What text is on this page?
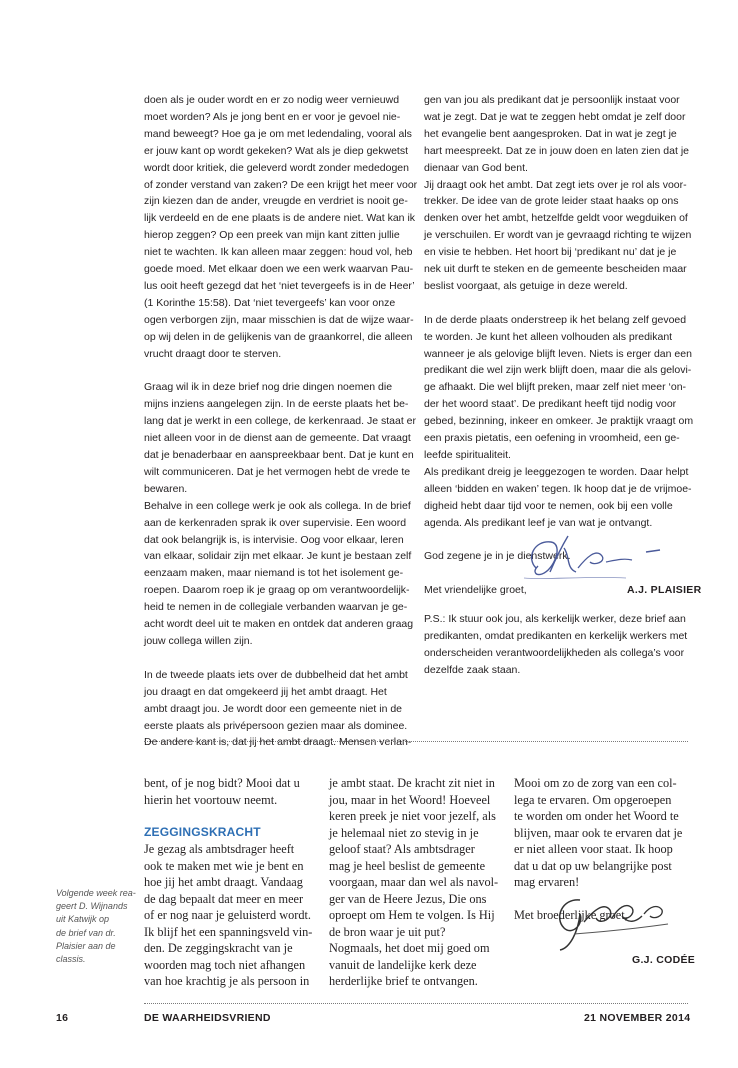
doen als je ouder wordt en er zo nodig weer vernieuwd
moet worden? Als je jong bent en er voor je gevoel nie-
mand beweegt? Hoe ga je om met ledendaling, vooral als
er jouw kant op wordt gekeken? Wat als je diep gekwetst
wordt door kritiek, die geleverd wordt zonder mededogen
of zonder verstand van zaken? De een krijgt het meer voor
zijn kiezen dan de ander, vreugde en verdriet is nooit ge-
lijk verdeeld en de ene plaats is de andere niet. Wat kan ik
hierop zeggen? Op een preek van mijn kant zitten jullie
niet te wachten. Ik kan alleen maar zeggen: houd vol, heb
goede moed. Met elkaar doen we een werk waarvan Pau-
lus ooit heeft gezegd dat het ‘niet tevergeefs is in de Heer’
(1 Korinthe 15:58). Dat ‘niet tevergeefs’ kan voor onze
ogen verborgen zijn, maar misschien is dat de wijze waar-
op wij delen in de gelijkenis van de graankorrel, die alleen
vrucht draagt door te sterven.

Graag wil ik in deze brief nog drie dingen noemen die
mijns inziens aangelegen zijn. In de eerste plaats het be-
lang dat je werkt in een college, de kerkenraad. Je staat er
niet alleen voor in de dienst aan de gemeente. Dat vraagt
dat je benaderbaar en aanspreekbaar bent. Dat je kunt en
wilt communiceren. Dat je het vermogen hebt de vrede te
bewaren.
Behalve in een college werk je ook als collega. In de brief
aan de kerkenraden sprak ik over supervisie. Een woord
dat ook belangrijk is, is intervisie. Oog voor elkaar, leren
van elkaar, solidair zijn met elkaar. Je kunt je bestaan zelf
eenzaam maken, maar niemand is tot het isolement ge-
roepen. Daarom roep ik je graag op om verantwoordelijk-
heid te nemen in de collegiale verbanden waarvan je ge-
acht wordt deel uit te maken en ontdek dat anderen graag
jouw collega willen zijn.

In de tweede plaats iets over de dubbelheid dat het ambt
jou draagt en dat omgekeerd jij het ambt draagt. Het
ambt draagt jou. Je wordt door een gemeente niet in de
eerste plaats als privépersoon gezien maar als dominee.
De andere kant is, dat jij het ambt draagt. Mensen verlan-

gen van jou als predikant dat je persoonlijk instaat voor
wat je zegt. Dat je wat te zeggen hebt omdat je zelf door
het evangelie bent aangesproken. Dat in wat je zegt je
hart meespreekt. Dat ze in jouw doen en laten zien dat je
dienaar van God bent.
Jij draagt ook het ambt. Dat zegt iets over je rol als voor-
trekker. De idee van de grote leider staat haaks op ons
denken over het ambt, hetzelfde geldt voor wegduiken of
je verschuilen. Er wordt van je gevraagd richting te wijzen
en visie te hebben. Het hoort bij ‘predikant nu’ dat je je
nek uit durft te steken en de gemeente bescheiden maar
beslist voorgaat, als getuige in deze wereld.

In de derde plaats onderstreep ik het belang zelf gevoed
te worden. Je kunt het alleen volhouden als predikant
wanneer je als gelovige blijft leven. Niets is erger dan een
predikant die wel zijn werk blijft doen, maar die als gelovi-
ge afhaakt. Die wel blijft preken, maar zelf niet meer ‘on-
der het woord staat’. De predikant heeft tijd nodig voor
gebed, bezinning, inkeer en omkeer. Je praktijk vraagt om
een praxis pietatis, een oefening in vroomheid, een ge-
leefde spiritualiteit.
Als predikant dreig je leeggezogen te worden. Daar helpt
alleen ‘bidden en waken’ tegen. Ik hoop dat je de vrijmoe-
digheid hebt daar tijd voor te nemen, ook bij een volle
agenda. Als predikant leef je van wat je ontvangt.

God zegene je in je dienstwerk.

Met vriendelijke groet,	A.J. PLAISIER

P.S.: Ik stuur ook jou, als kerkelijk werker, deze brief aan
predikanten, omdat predikanten en kerkelijk werkers met
onderscheiden verantwoordelijkheden als collega’s voor
dezelfde zaak staan.

Volgende week rea-
geert D. Wijnands
uit Katwijk op
de brief van dr.
Plaisier aan de
classis.

bent, of je nog bidt? Mooi dat u
hierin het voortouw neemt.

ZEGGINGSKRACHT

Je gezag als ambtsdrager heeft
ook te maken met wie je bent en
hoe jij het ambt draagt. Vandaag
de dag bepaalt dat meer en meer
of er nog naar je geluisterd wordt.
Ik blijf het een spanningsveld vin-
den. De zeggingskracht van je
woorden mag toch niet afhangen
van hoe krachtig je als persoon in

je ambt staat. De kracht zit niet in
jou, maar in het Woord! Hoeveel
keren preek je niet voor jezelf, als
je helemaal niet zo stevig in je
geloof staat? Als ambtsdrager
mag je heel beslist de gemeente
voorgaan, maar dan wel als navol-
ger van de Heere Jezus, Die ons
oproept om Hem te volgen. Is Hij
de bron waar je uit put?
Nogmaals, het doet mij goed om
vanuit de landelijke kerk deze
herderlijke brief te ontvangen.

Mooi om zo de zorg van een col-
lega te ervaren. Om opgeroepen
te worden om onder het Woord te
blijven, maar ook te ervaren dat je
er niet alleen voor staat. Ik hoop
dat u dat op uw belangrijke post
mag ervaren!

Met broederlijke groet,

G.J. CODÉE
16	DE WAARHEIDSVRIEND	21 NOVEMBER 2014
